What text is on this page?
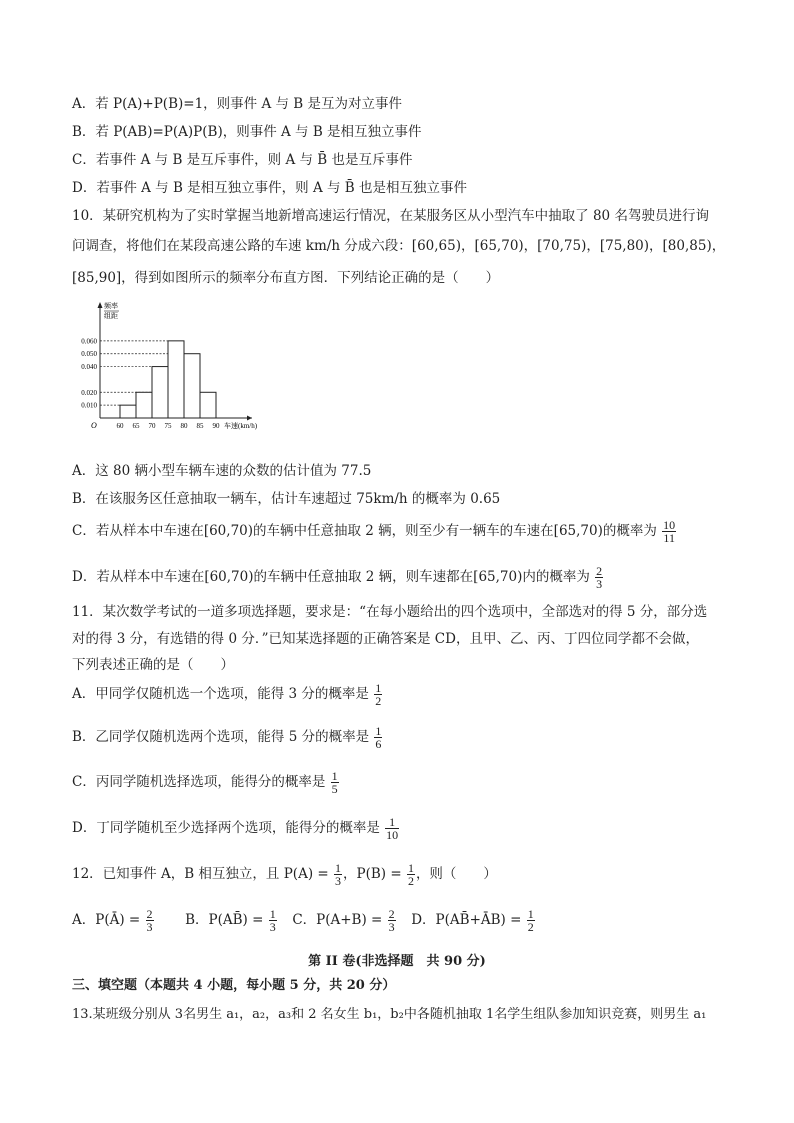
A．若 P(A)+P(B)=1，则事件 A 与 B 是互为对立事件
B．若 P(AB)=P(A)P(B)，则事件 A 与 B 是相互独立事件
C．若事件 A 与 B 是互斥事件，则 A 与 B̄ 也是互斥事件
D．若事件 A 与 B 是相互独立事件，则 A 与 B̄ 也是相互独立事件
10．某研究机构为了实时掌握当地新增高速运行情况，在某服务区从小型汽车中抽取了 80 名驾驶员进行询
问调查，将他们在某段高速公路的车速 km/h 分成六段：[60,65)，[65,70)，[70,75)，[75,80)，[80,85)，
[85,90]，得到如图所示的频率分布直方图．下列结论正确的是（　　）
频率
组距
O
0.010
0.020
0.040
0.050
0.060
60 65 70 75 80 85 90 车速(km/h)
A．这 80 辆小型车辆车速的众数的估计值为 77.5
B．在该服务区任意抽取一辆车，估计车速超过 75km/h 的概率为 0.65
C．若从样本中车速在[60,70)的车辆中任意抽取 2 辆，则至少有一辆车的车速在[65,70)的概率为 $\frac{10}{11}$
D．若从样本中车速在[60,70)的车辆中任意抽取 2 辆，则车速都在[65,70)内的概率为 $\frac{2}{3}$
11．某次数学考试的一道多项选择题，要求是：“在每小题给出的四个选项中，全部选对的得 5 分，部分选
对的得 3 分，有选错的得 0 分．”已知某选择题的正确答案是 CD，且甲、乙、丙、丁四位同学都不会做，
下列表述正确的是（　　）
A．甲同学仅随机选一个选项，能得 3 分的概率是 $\frac{1}{2}$
B．乙同学仅随机选两个选项，能得 5 分的概率是 $\frac{1}{6}$
C．丙同学随机选择选项，能得分的概率是 $\frac{1}{5}$
D．丁同学随机至少选择两个选项，能得分的概率是 $\frac{1}{10}$
12．已知事件 A，B 相互独立，且 $P(A) = \frac{1}{3}$ ，$P(B) = \frac{1}{2}$ ，则（　　）
A．P(Ā) = $\frac{2}{3}$ B．P(AB̄) = $\frac{1}{3}$ C．$P(A+B) = \frac{2}{3}$ D．P(AB̄+ĀB) = $\frac{1}{2}$
第 II 卷(非选择题　共 90 分)
三、填空题（本题共 4 小题，每小题 5 分，共 20 分）
13.某班级分别从 3名男生 a₁，a₂，a₃和 2 名女生 b₁，b₂中各随机抽取 1名学生组队参加知识竞赛，则男生 a₁
